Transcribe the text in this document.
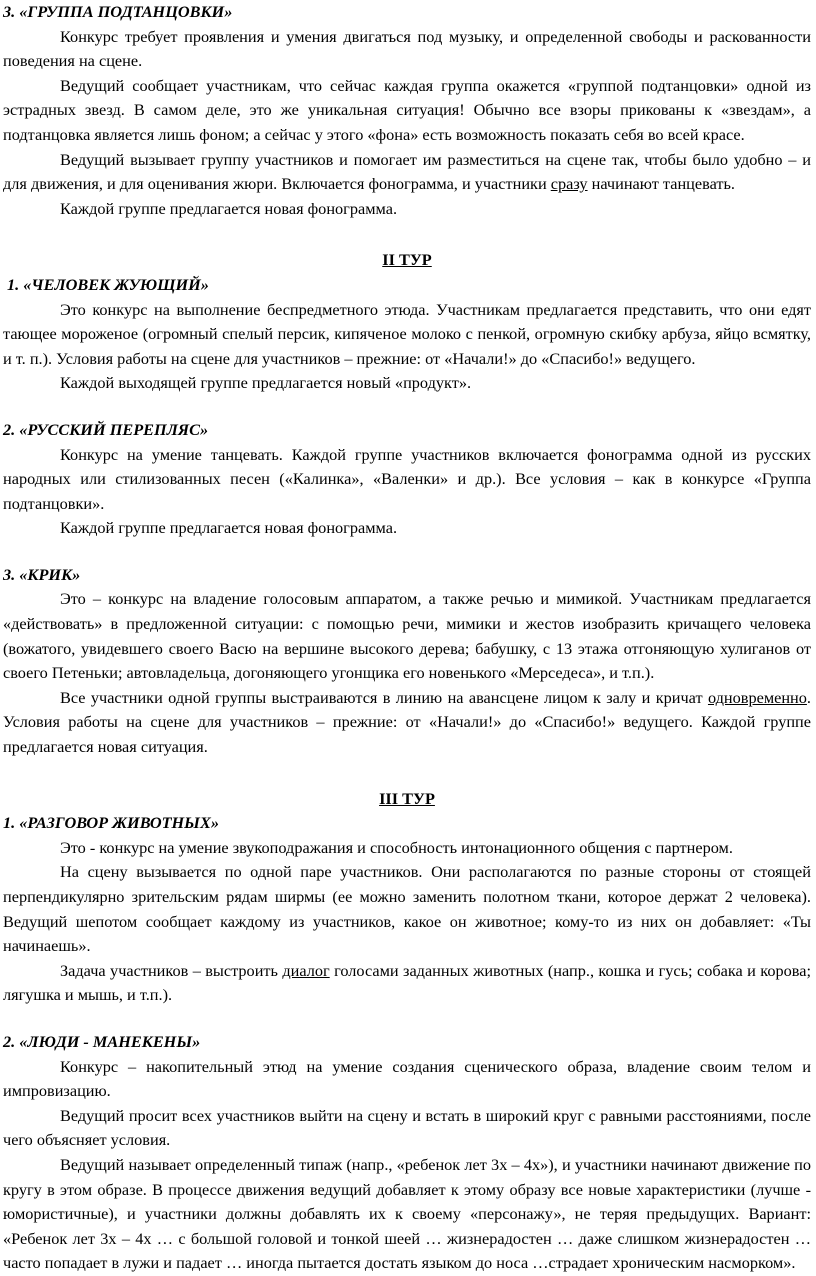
3. «ГРУППА ПОДТАНЦОВКИ»

Конкурс требует проявления и умения двигаться под музыку, и определенной свободы и раскованности поведения на сцене.

Ведущий сообщает участникам, что сейчас каждая группа окажется «группой подтанцовки» одной из эстрадных звезд. В самом деле, это же уникальная ситуация! Обычно все взоры прикованы к «звездам», а подтанцовка является лишь фоном; а сейчас у этого «фона» есть возможность показать себя во всей красе.

Ведущий вызывает группу участников и помогает им разместиться на сцене так, чтобы было удобно – и для движения, и для оценивания жюри. Включается фонограмма, и участники сразу начинают танцевать.

Каждой группе предлагается новая фонограмма.

II ТУР

1. «ЧЕЛОВЕК ЖУЮЩИЙ»

Это конкурс на выполнение беспредметного этюда. Участникам предлагается представить, что они едят тающее мороженое (огромный спелый персик, кипяченое молоко с пенкой, огромную скибку арбуза, яйцо всмятку, и т. п.). Условия работы на сцене для участников – прежние: от «Начали!» до «Спасибо!» ведущего.

Каждой выходящей группе предлагается новый «продукт».

2. «РУССКИЙ ПЕРЕПЛЯС»

Конкурс на умение танцевать. Каждой группе участников включается фонограмма одной из русских народных или стилизованных песен («Калинка», «Валенки» и др.). Все условия – как в конкурсе «Группа подтанцовки».

Каждой группе предлагается новая фонограмма.

3. «КРИК»

Это – конкурс на владение голосовым аппаратом, а также речью и мимикой. Участникам предлагается «действовать» в предложенной ситуации: с помощью речи, мимики и жестов изобразить кричащего человека (вожатого, увидевшего своего Васю на вершине высокого дерева; бабушку, с 13 этажа отгоняющую хулиганов от своего Петеньки; автовладельца, догоняющего угонщика его новенького «Мерседеса», и т.п.).

Все участники одной группы выстраиваются в линию на авансцене лицом к залу и кричат одновременно. Условия работы на сцене для участников – прежние: от «Начали!» до «Спасибо!» ведущего. Каждой группе предлагается новая ситуация.

III ТУР

1. «РАЗГОВОР ЖИВОТНЫХ»

Это - конкурс на умение звукоподражания и способность интонационного общения с партнером.

На сцену вызывается по одной паре участников. Они располагаются по разные стороны от стоящей перпендикулярно зрительским рядам ширмы (ее можно заменить полотном ткани, которое держат 2 человека). Ведущий шепотом сообщает каждому из участников, какое он животное; кому-то из них он добавляет: «Ты начинаешь».

Задача участников – выстроить диалог голосами заданных животных (напр., кошка и гусь; собака и корова; лягушка и мышь, и т.п.).

2. «ЛЮДИ - МАНЕКЕНЫ»

Конкурс – накопительный этюд на умение создания сценического образа, владение своим телом и импровизацию.

Ведущий просит всех участников выйти на сцену и встать в широкий круг с равными расстояниями, после чего объясняет условия.

Ведущий называет определенный типаж (напр., «ребенок лет 3х – 4х»), и участники начинают движение по кругу в этом образе. В процессе движения ведущий добавляет к этому образу все новые характеристики (лучше - юмористичные), и участники должны добавлять их к своему «персонажу», не теряя предыдущих. Вариант: «Ребенок лет 3х – 4х … с большой головой и тонкой шеей … жизнерадостен … даже слишком жизнерадостен … часто попадает в лужи и падает … иногда пытается достать языком до носа …страдает хроническим насморком».
